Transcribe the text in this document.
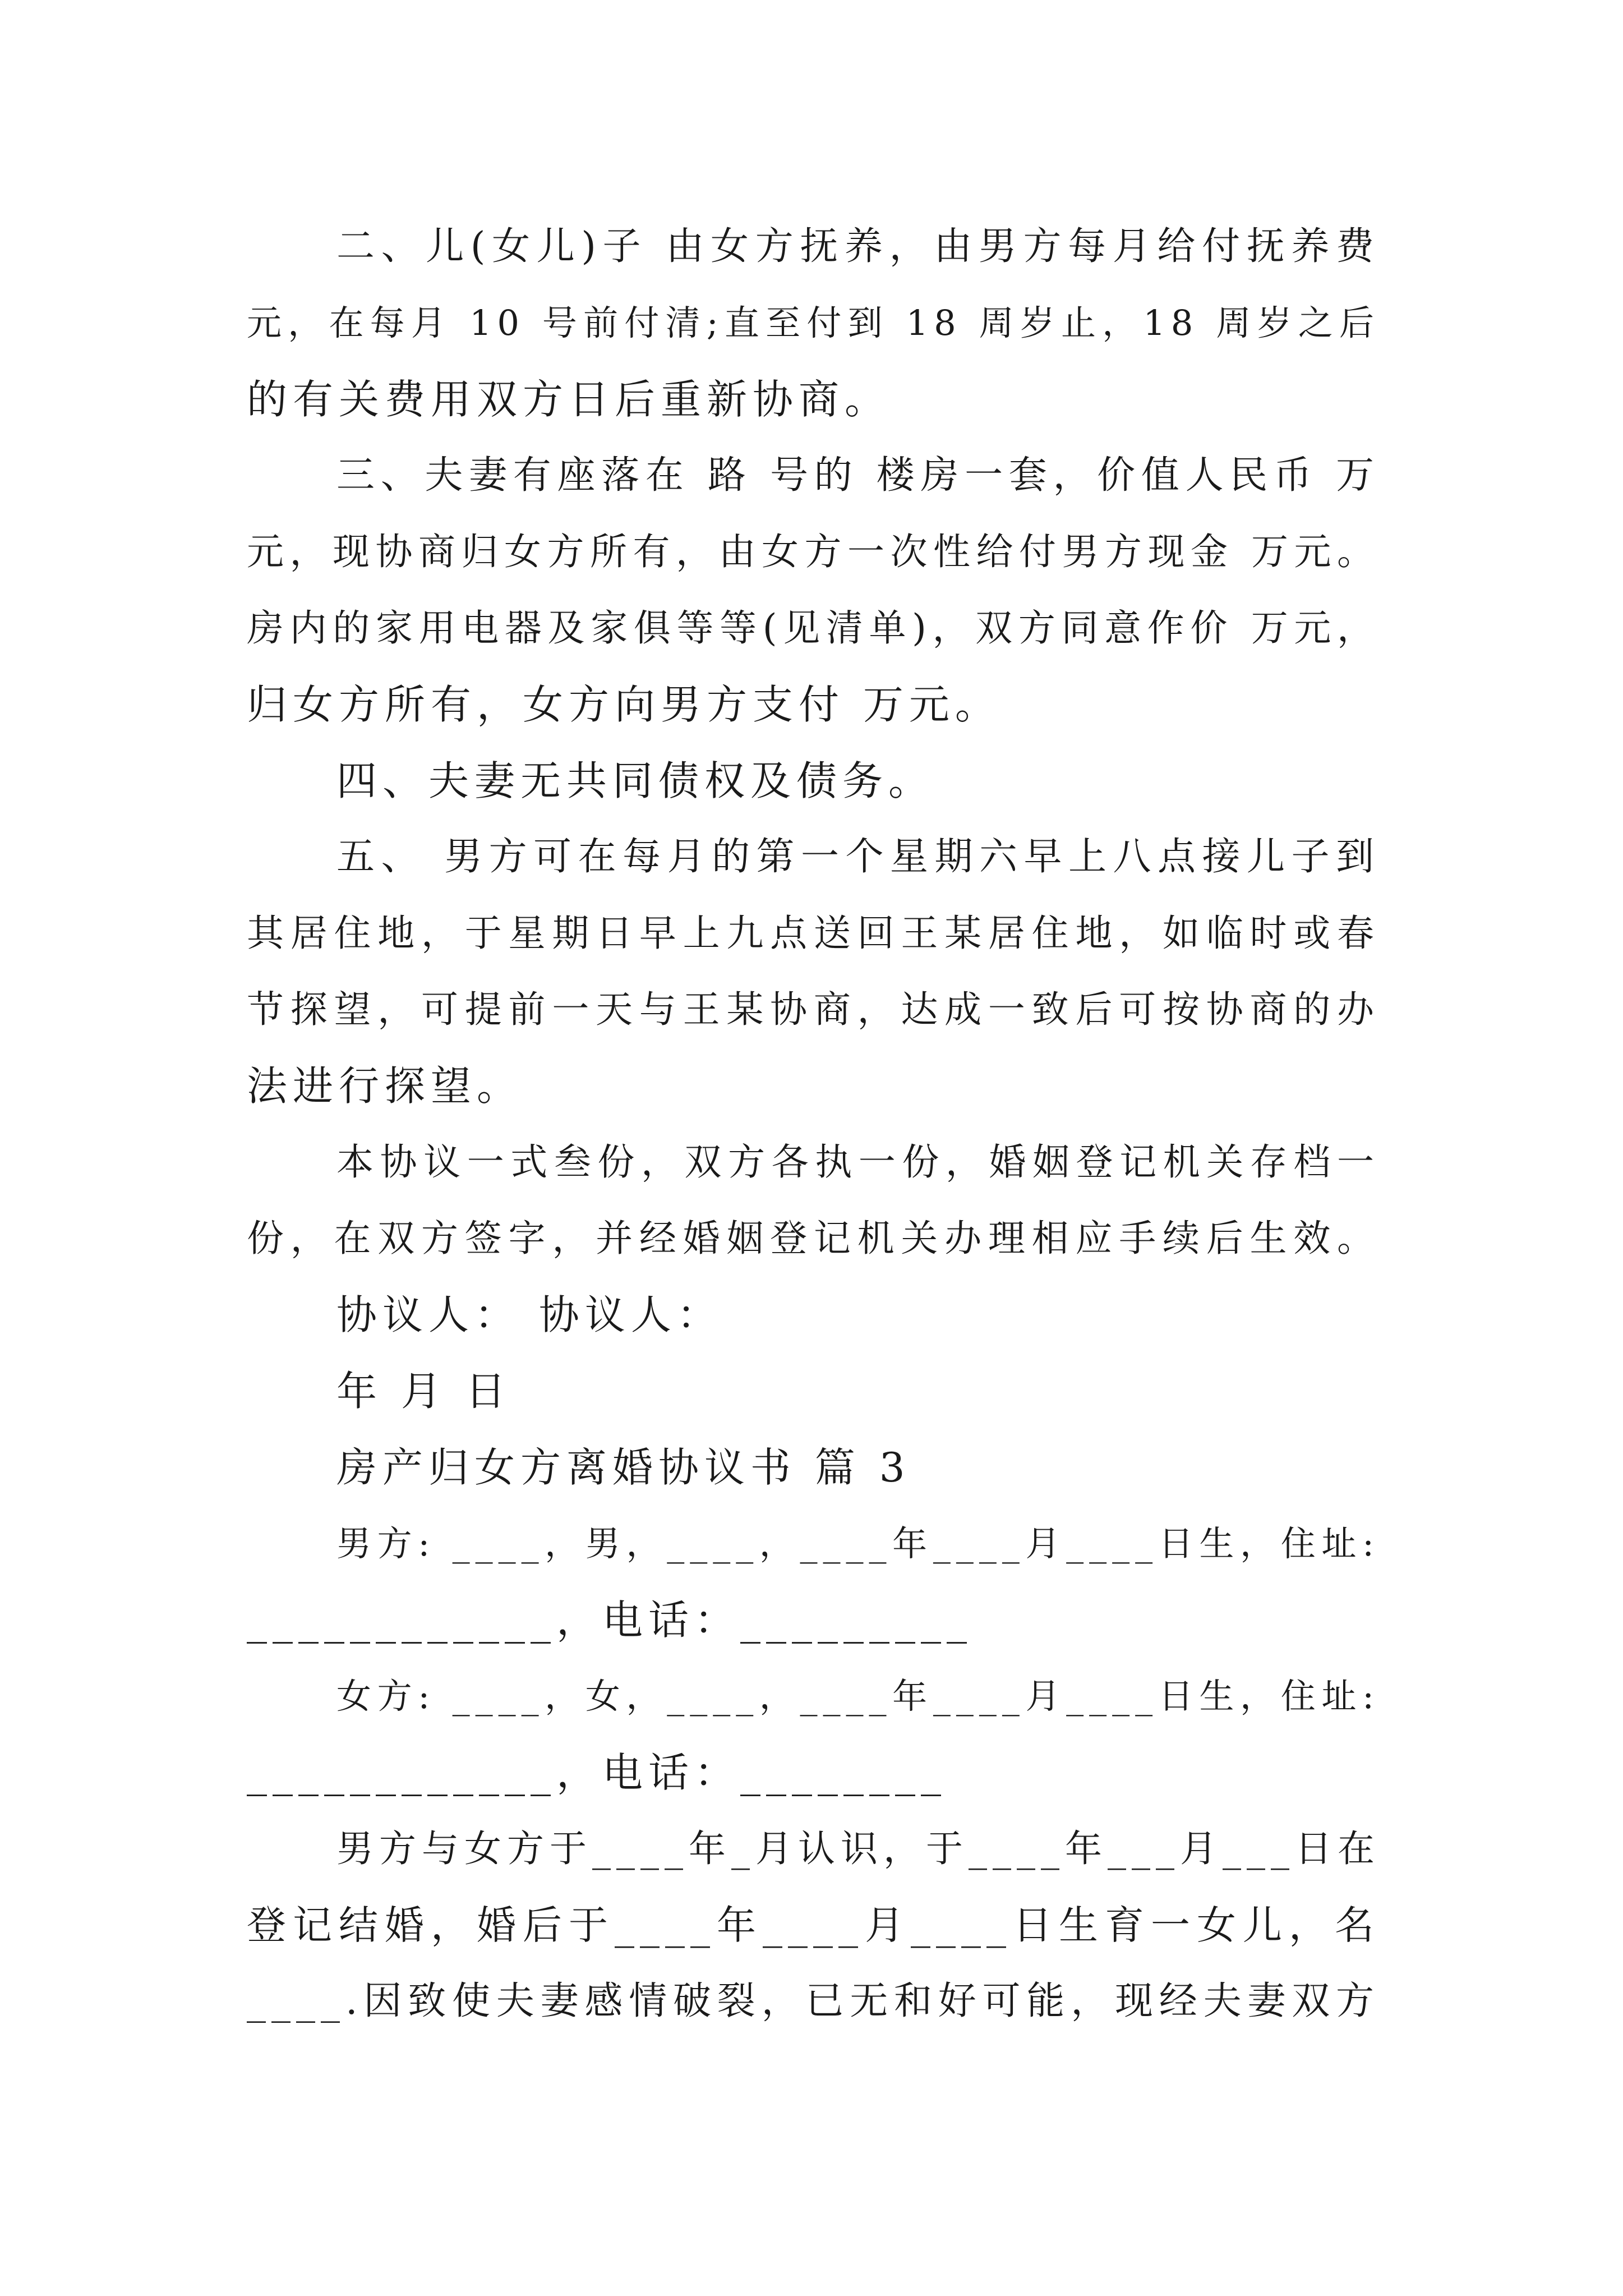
二、儿(女儿)子 由女方抚养，由男方每月给付抚养费
元，在每月 10 号前付清;直至付到 18 周岁止，18 周岁之后
的有关费用双方日后重新协商。
三、夫妻有座落在 路 号的 楼房一套，价值人民币 万
元，现协商归女方所有，由女方一次性给付男方现金 万元。
房内的家用电器及家俱等等(见清单)，双方同意作价 万元，
归女方所有，女方向男方支付 万元。
四、夫妻无共同债权及债务。
五、 男方可在每月的第一个星期六早上八点接儿子到
其居住地，于星期日早上九点送回王某居住地，如临时或春
节探望，可提前一天与王某协商，达成一致后可按协商的办
法进行探望。
本协议一式叁份，双方各执一份，婚姻登记机关存档一
份，在双方签字，并经婚姻登记机关办理相应手续后生效。
协议人： 协议人：
年 月 日
房产归女方离婚协议书 篇 3
男方: ____，男，____，____年____月____日生，住址:
____________，电话：_________
女方: ____，女，____，____年____月____日生，住址:
____________，电话：________
男方与女方于____年_月认识，于____年___月___日在
登记结婚，婚后于____年____月____日生育一女儿，名
____.因致使夫妻感情破裂，已无和好可能，现经夫妻双方
